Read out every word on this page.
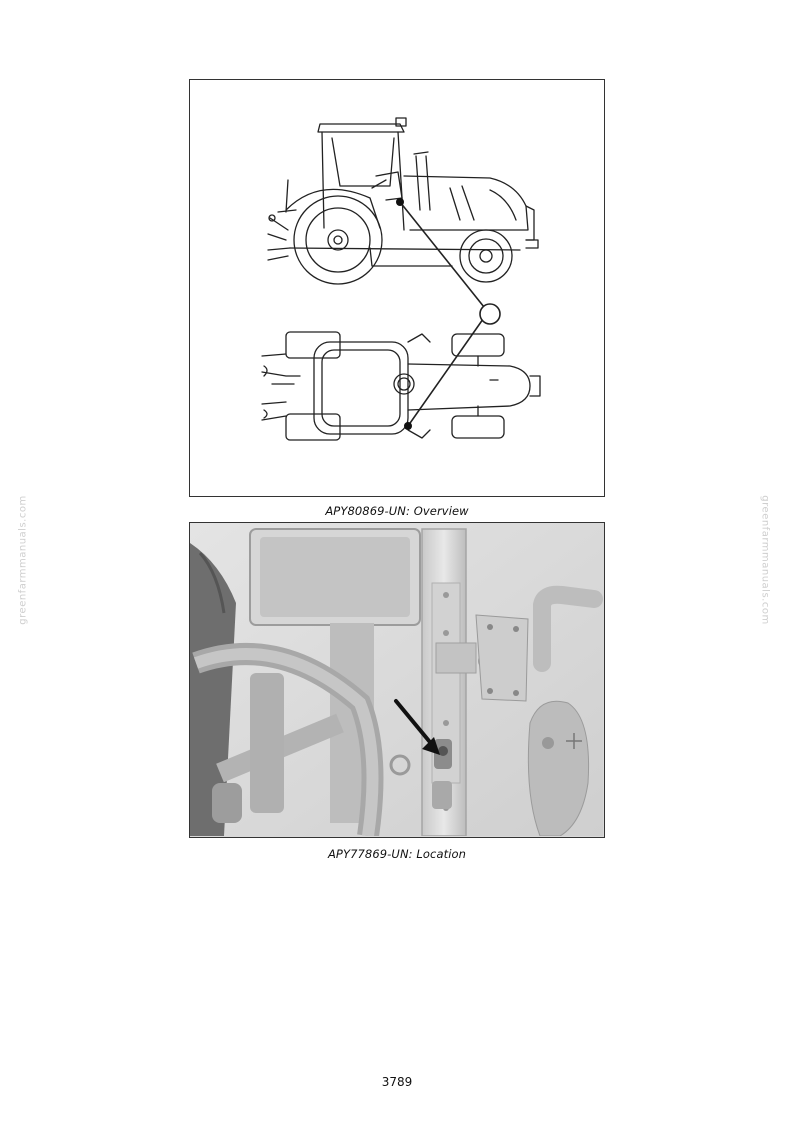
APY80869-UN: Overview
APY77869-UN: Location
greenfarmmanuals.com	greenfarmmanuals.com
3789
